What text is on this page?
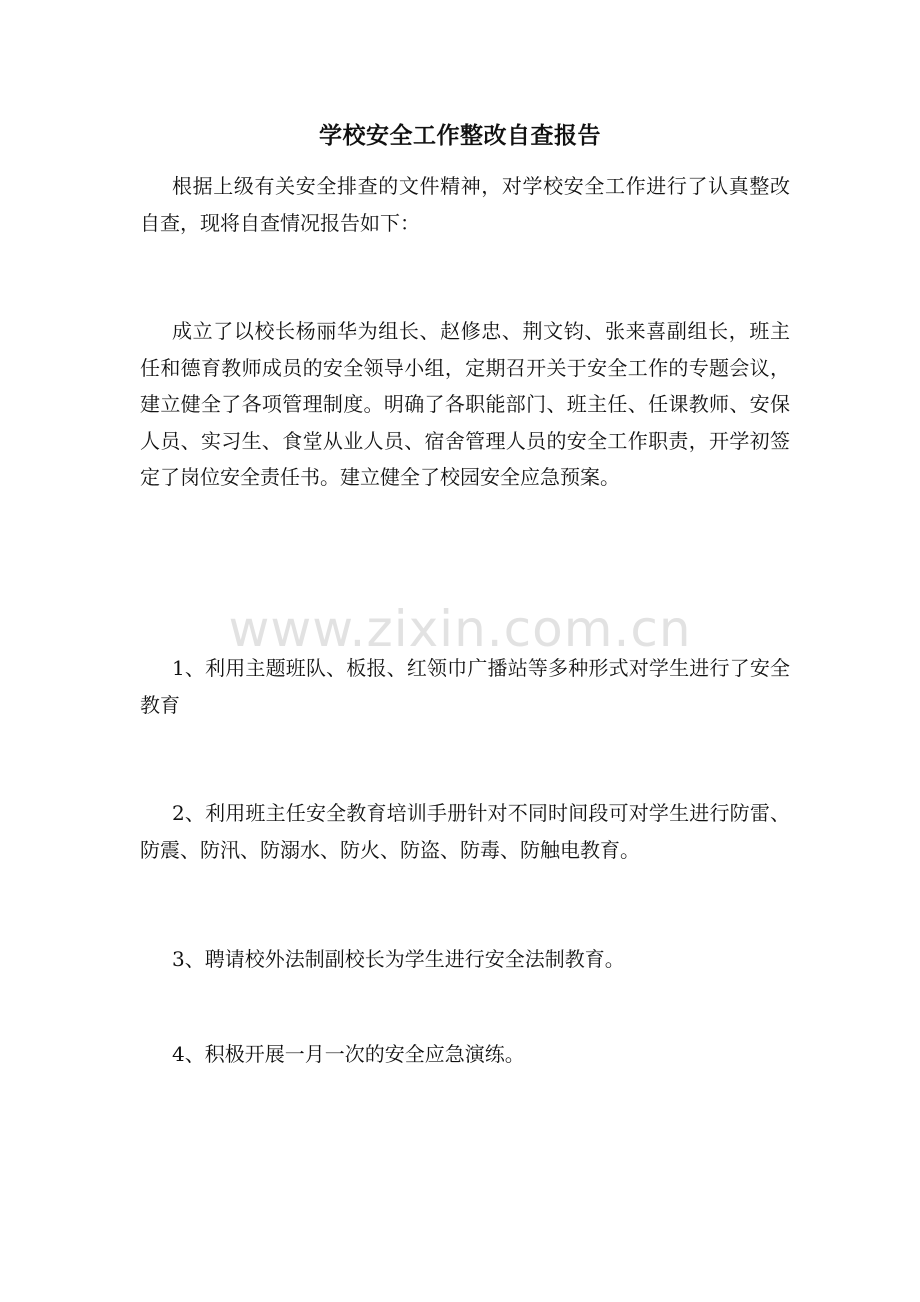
学校安全工作整改自查报告

根据上级有关安全排查的文件精神，对学校安全工作进行了认真整改自查，现将自查情况报告如下：

成立了以校长杨丽华为组长、赵修忠、荆文钧、张来喜副组长，班主任和德育教师成员的安全领导小组，定期召开关于安全工作的专题会议，建立健全了各项管理制度。明确了各职能部门、班主任、任课教师、安保人员、实习生、食堂从业人员、宿舍管理人员的安全工作职责，开学初签定了岗位安全责任书。建立健全了校园安全应急预案。

www.zixin.com.cn

1、利用主题班队、板报、红领巾广播站等多种形式对学生进行了安全教育

2、利用班主任安全教育培训手册针对不同时间段可对学生进行防雷、防震、防汛、防溺水、防火、防盗、防毒、防触电教育。

3、聘请校外法制副校长为学生进行安全法制教育。

4、积极开展一月一次的安全应急演练。
